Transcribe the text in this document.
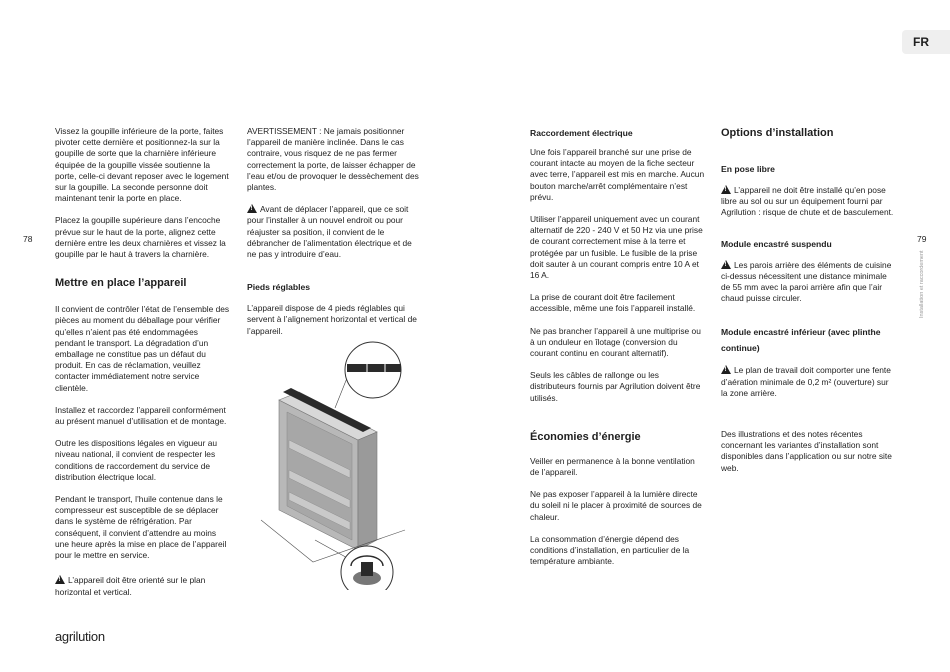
FR
78	79
Installation et raccordement

Vissez la goupille inférieure de la porte, faites pivoter cette dernière et positionnez-la sur la goupille de sorte que la charnière inférieure équipée de la goupille vissée soutienne la porte, celle-ci devant reposer avec le logement sur la goupille. La seconde personne doit maintenant tenir la porte en place.

Placez la goupille supérieure dans l’encoche prévue sur le haut de la porte, alignez cette dernière entre les deux charnières et vissez la goupille par le haut à travers la charnière.

Mettre en place l’appareil

Il convient de contrôler l’état de l’ensemble des pièces au moment du déballage pour vérifier qu’elles n’aient pas été endommagées pendant le transport. La dégradation d’un emballage ne constitue pas un défaut du produit. En cas de réclamation, veuillez contacter immédiatement notre service clientèle.

Installez et raccordez l’appareil conformément au présent manuel d’utilisation et de montage.

Outre les dispositions légales en vigueur au niveau national, il convient de respecter les conditions de raccordement du service de distribution électrique local.

Pendant le transport, l’huile contenue dans le compresseur est susceptible de se déplacer dans le système de réfrigération. Par conséquent, il convient d’attendre au moins une heure après la mise en place de l’appareil pour le mettre en service.

!L’appareil doit être orienté sur le plan horizontal et vertical.

AVERTISSEMENT : Ne jamais positionner l’appareil de manière inclinée. Dans le cas contraire, vous risquez de ne pas fermer correctement la porte, de laisser échapper de l’eau et/ou de provoquer le dessèchement des plantes.

!Avant de déplacer l’appareil, que ce soit pour l’installer à un nouvel endroit ou pour réajuster sa position, il convient de le débrancher de l’alimentation électrique et de ne pas y introduire d’eau.

Pieds réglables

L’appareil dispose de 4 pieds réglables qui servent à l’alignement horizontal et vertical de l’appareil.

Raccordement électrique

Une fois l’appareil branché sur une prise de courant intacte au moyen de la fiche secteur avec terre, l’appareil est mis en marche. Aucun bouton marche/arrêt complémentaire n’est prévu.

Utiliser l’appareil uniquement avec un courant alternatif de 220 - 240 V et 50 Hz via une prise de courant correctement mise à la terre et protégée par un fusible. Le fusible de la prise doit sauter à un courant compris entre 10 A et 16 A.

La prise de courant doit être facilement accessible, même une fois l’appareil installé.

Ne pas brancher l’appareil à une multiprise ou à un onduleur en îlotage (conversion du courant continu en courant alternatif).

Seuls les câbles de rallonge ou les distributeurs fournis par Agrilution doivent être utilisés.

Économies d’énergie

Veiller en permanence à la bonne ventilation de l’appareil.

Ne pas exposer l’appareil à la lumière directe du soleil ni le placer à proximité de sources de chaleur.

La consommation d’énergie dépend des conditions d’installation, en particulier de la température ambiante.

Options d’installation
En pose libre

!L’appareil ne doit être installé qu’en pose libre au sol ou sur un équipement fourni par Agrilution : risque de chute et de basculement.

Module encastré suspendu

!Les parois arrière des éléments de cuisine ci-dessus nécessitent une distance minimale de 55 mm avec la paroi arrière afin que l’air chaud puisse circuler.

Module encastré inférieur (avec plinthe continue)

!Le plan de travail doit comporter une fente d’aération minimale de 0,2 m² (ouverture) sur la zone arrière.

Des illustrations et des notes récentes concernant les variantes d’installation sont disponibles dans l’application ou sur notre site web.

agrilution
